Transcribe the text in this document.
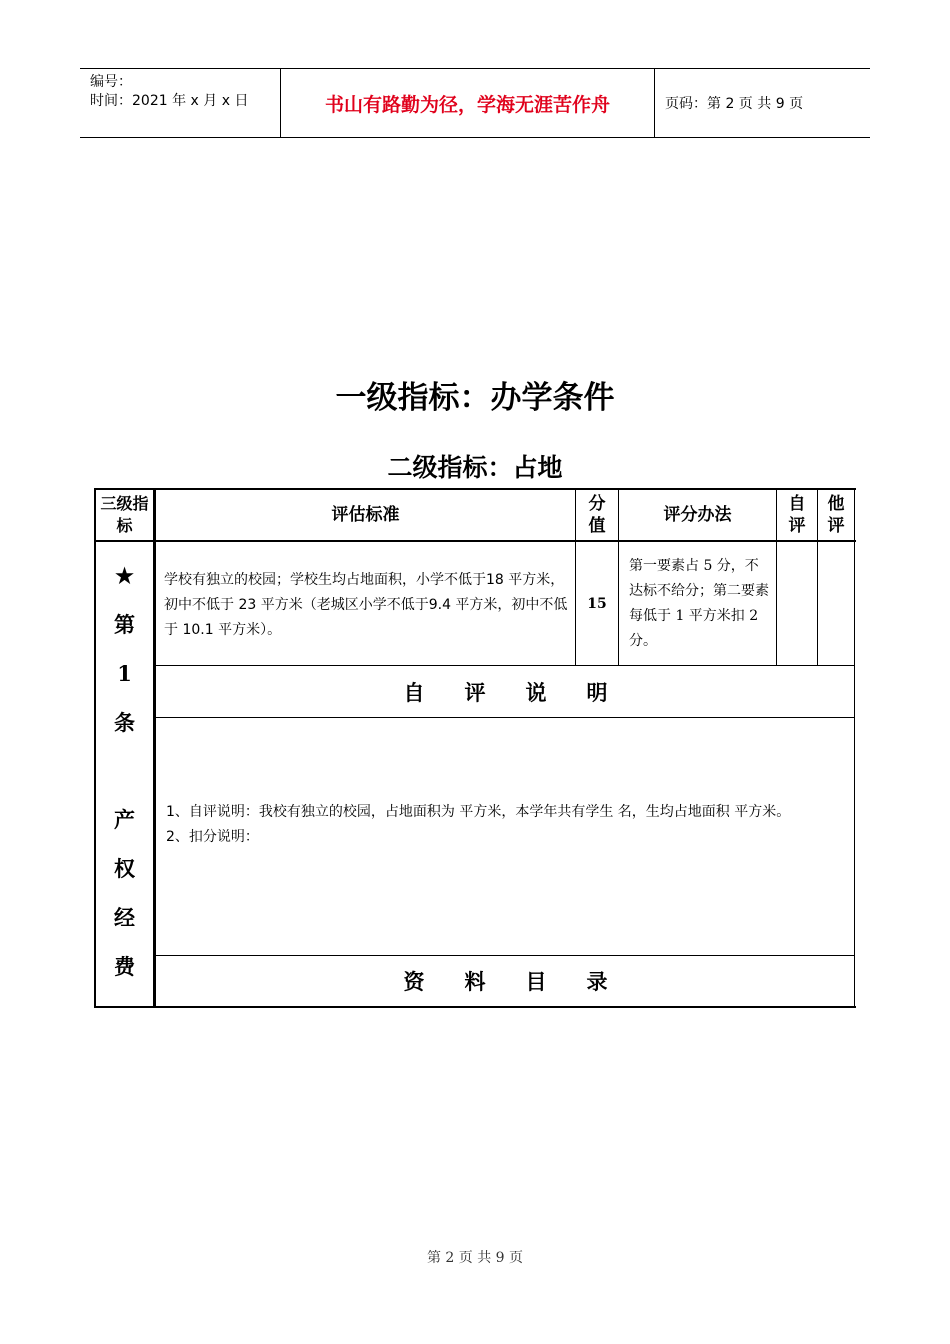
编号：
时间：2021 年 x 月 x 日	书山有路勤为径，学海无涯苦作舟	页码：第 2 页 共 9 页
一级指标：办学条件
二级指标：占地
三级指标
评估标准
分值
评分办法
自评
他评
★
第
1
条
产
权
经
费
学校有独立的校园；学校生均占地面积，小学不低于18 平方米，初中不低于 23 平方米（老城区小学不低于9.4 平方米，初中不低于 10.1 平方米）。
15
第一要素占 5 分，不达标不给分；第二要素每低于 1 平方米扣 2 分。
自 评 说 明
1、自评说明：我校有独立的校园，占地面积为 平方米，本学年共有学生 名，生均占地面积 平方米。
2、扣分说明：
资 料 目 录
第 2 页 共 9 页
